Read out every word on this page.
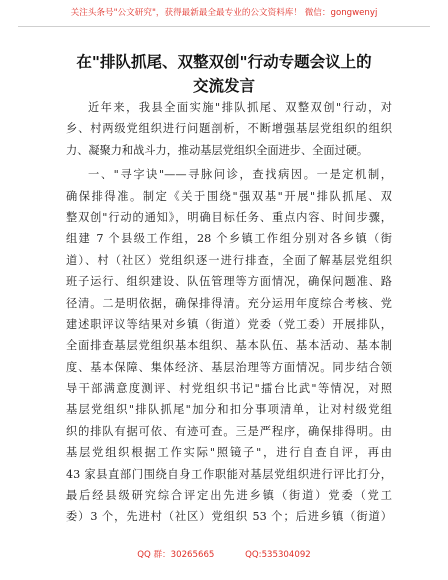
关注头条号"公文研究"，获得最新最全最专业的公文资料库！ 微信：gongwenyj
在"排队抓尾、双整双创"行动专题会议上的
交流发言
近年来，我县全面实施"排队抓尾、双整双创"行动，对
乡、村两级党组织进行问题剖析，不断增强基层党组织的组织
力、凝聚力和战斗力，推动基层党组织全面进步、全面过硬。
一、"寻字诀"——寻脉问诊，查找病因。一是定机制，
确保排得准。制定《关于围绕"强双基"开展"排队抓尾、双
整双创"行动的通知》，明确目标任务、重点内容、时间步骤，
组建 7 个县级工作组，28 个乡镇工作组分别对各乡镇（街
道）、村（社区）党组织逐一进行排查，全面了解基层党组织
班子运行、组织建设、队伍管理等方面情况，确保问题准、路
径清。二是明依据，确保排得清。充分运用年度综合考核、党
建述职评议等结果对乡镇（街道）党委（党工委）开展排队，
全面排查基层党组织基本组织、基本队伍、基本活动、基本制
度、基本保障、集体经济、基层治理等方面情况。同步结合领
导干部满意度测评、村党组织书记"擂台比武"等情况，对照
基层党组织"排队抓尾"加分和扣分事项清单，让对村级党组
织的排队有据可依、有迹可查。三是严程序，确保排得明。由
基层党组织根据工作实际"照镜子"，进行自查自评，再由
43 家县直部门围绕自身工作职能对基层党组织进行评比打分，
最后经县级研究综合评定出先进乡镇（街道）党委（党工
委）3 个，先进村（社区）党组织 53 个；后进乡镇（街道）
QQ 群：30265665	QQ:535304092
